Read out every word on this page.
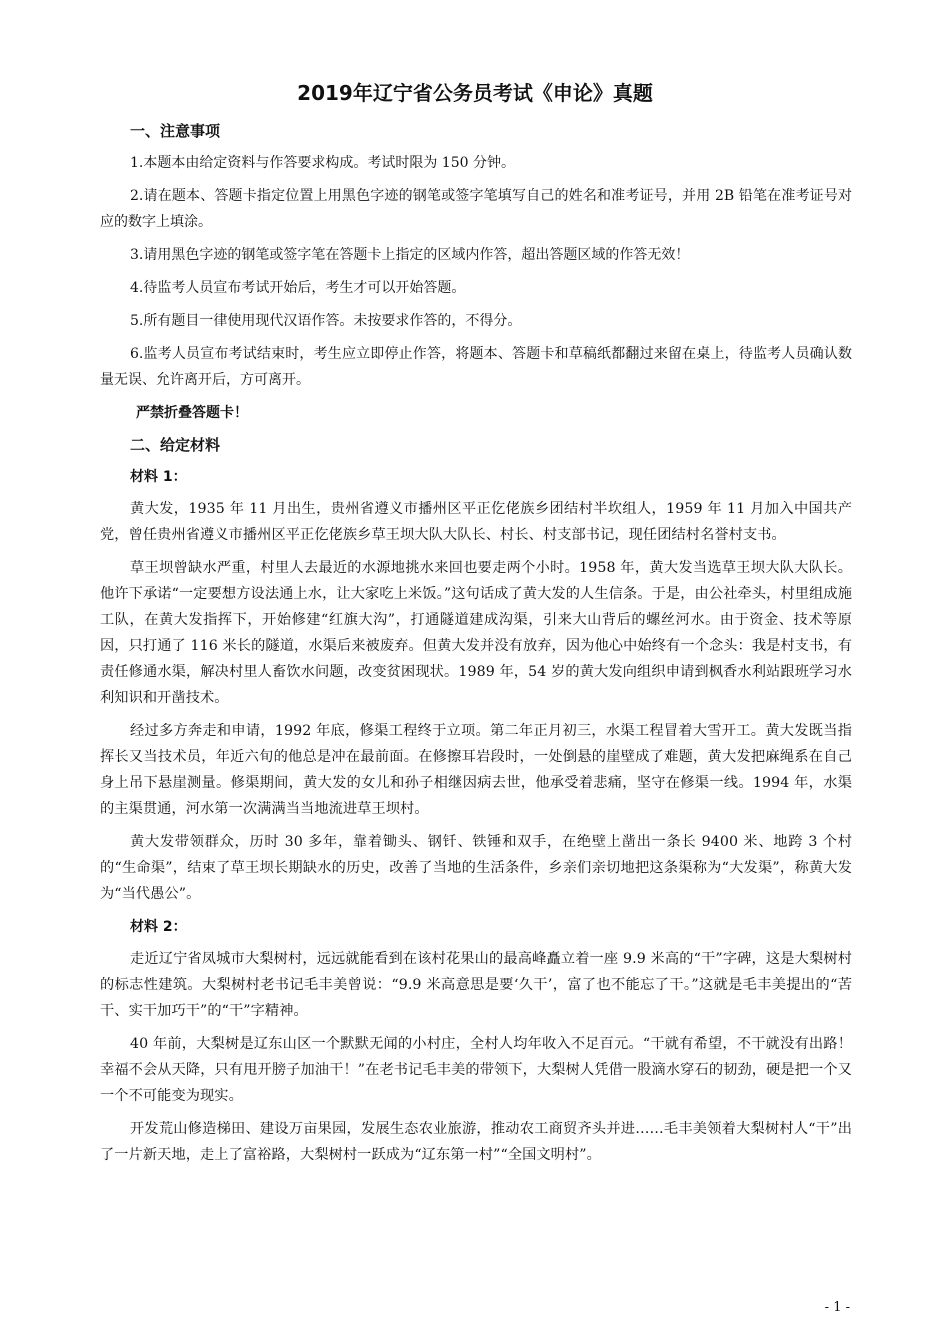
2019年辽宁省公务员考试《申论》真题

一、注意事项

1.本题本由给定资料与作答要求构成。考试时限为 150 分钟。

2.请在题本、答题卡指定位置上用黑色字迹的钢笔或签字笔填写自己的姓名和准考证号，并用 2B 铅笔在准考证号对应的数字上填涂。

3.请用黑色字迹的钢笔或签字笔在答题卡上指定的区域内作答，超出答题区域的作答无效！

4.待监考人员宣布考试开始后，考生才可以开始答题。

5.所有题目一律使用现代汉语作答。未按要求作答的，不得分。

6.监考人员宣布考试结束时，考生应立即停止作答，将题本、答题卡和草稿纸都翻过来留在桌上，待监考人员确认数量无误、允许离开后，方可离开。

严禁折叠答题卡！

二、给定材料

材料 1：

黄大发，1935 年 11 月出生，贵州省遵义市播州区平正仡佬族乡团结村半坎组人，1959 年 11 月加入中国共产党，曾任贵州省遵义市播州区平正仡佬族乡草王坝大队大队长、村长、村支部书记，现任团结村名誉村支书。

草王坝曾缺水严重，村里人去最近的水源地挑水来回也要走两个小时。1958 年，黄大发当选草王坝大队大队长。他许下承诺“一定要想方设法通上水，让大家吃上米饭。”这句话成了黄大发的人生信条。于是，由公社牵头，村里组成施工队，在黄大发指挥下，开始修建“红旗大沟”，打通隧道建成沟渠，引来大山背后的螺丝河水。由于资金、技术等原因，只打通了 116 米长的隧道，水渠后来被废弃。但黄大发并没有放弃，因为他心中始终有一个念头：我是村支书，有责任修通水渠，解决村里人畜饮水问题，改变贫困现状。1989 年，54 岁的黄大发向组织申请到枫香水利站跟班学习水利知识和开凿技术。

经过多方奔走和申请，1992 年底，修渠工程终于立项。第二年正月初三，水渠工程冒着大雪开工。黄大发既当指挥长又当技术员，年近六旬的他总是冲在最前面。在修擦耳岩段时，一处倒悬的崖壁成了难题，黄大发把麻绳系在自己身上吊下悬崖测量。修渠期间，黄大发的女儿和孙子相继因病去世，他承受着悲痛，坚守在修渠一线。1994 年，水渠的主渠贯通，河水第一次满满当当地流进草王坝村。

黄大发带领群众，历时 30 多年，靠着锄头、钢钎、铁锤和双手，在绝壁上凿出一条长 9400 米、地跨 3 个村的“生命渠”，结束了草王坝长期缺水的历史，改善了当地的生活条件，乡亲们亲切地把这条渠称为“大发渠”，称黄大发为“当代愚公”。

材料 2：

走近辽宁省凤城市大梨树村，远远就能看到在该村花果山的最高峰矗立着一座 9.9 米高的“干”字碑，这是大梨树村的标志性建筑。大梨树村老书记毛丰美曾说：“9.9 米高意思是要‘久干’，富了也不能忘了干。”这就是毛丰美提出的“苦干、实干加巧干”的“干”字精神。

40 年前，大梨树是辽东山区一个默默无闻的小村庄，全村人均年收入不足百元。“干就有希望，不干就没有出路！幸福不会从天降，只有甩开膀子加油干！”在老书记毛丰美的带领下，大梨树人凭借一股滴水穿石的韧劲，硬是把一个又一个不可能变为现实。

开发荒山修造梯田、建设万亩果园，发展生态农业旅游，推动农工商贸齐头并进……毛丰美领着大梨树村人“干”出了一片新天地，走上了富裕路，大梨树村一跃成为“辽东第一村”“全国文明村”。

- 1 -
